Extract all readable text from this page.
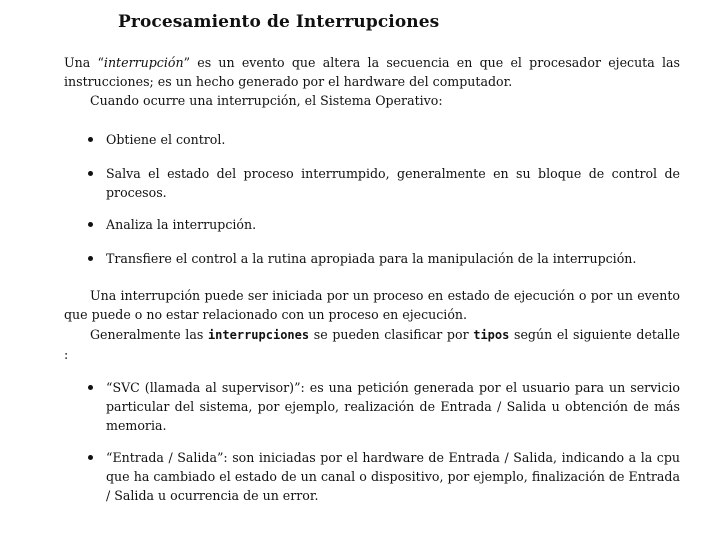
Procesamiento de Interrupciones

Una “interrupción” es un evento que altera la secuencia en que el procesador ejecuta las instrucciones; es un hecho generado por el hardware del computador.

Cuando ocurre una interrupción, el Sistema Operativo:

Obtiene el control.
Salva el estado del proceso interrumpido, generalmente en su bloque de control de procesos.
Analiza la interrupción.
Transfiere el control a la rutina apropiada para la manipulación de la interrupción.

Una interrupción puede ser iniciada por un proceso en estado de ejecución o por un evento que puede o no estar relacionado con un proceso en ejecución.

Generalmente las interrupciones se pueden clasificar por tipos según el siguiente detalle :

“SVC (llamada al supervisor)”: es una petición generada por el usuario para un servicio particular del sistema, por ejemplo, realización de Entrada / Salida u obtención de más memoria.
“Entrada / Salida”: son iniciadas por el hardware de Entrada / Salida, indicando a la cpu que ha cambiado el estado de un canal o dispositivo, por ejemplo, finalización de Entrada / Salida u ocurrencia de un error.
